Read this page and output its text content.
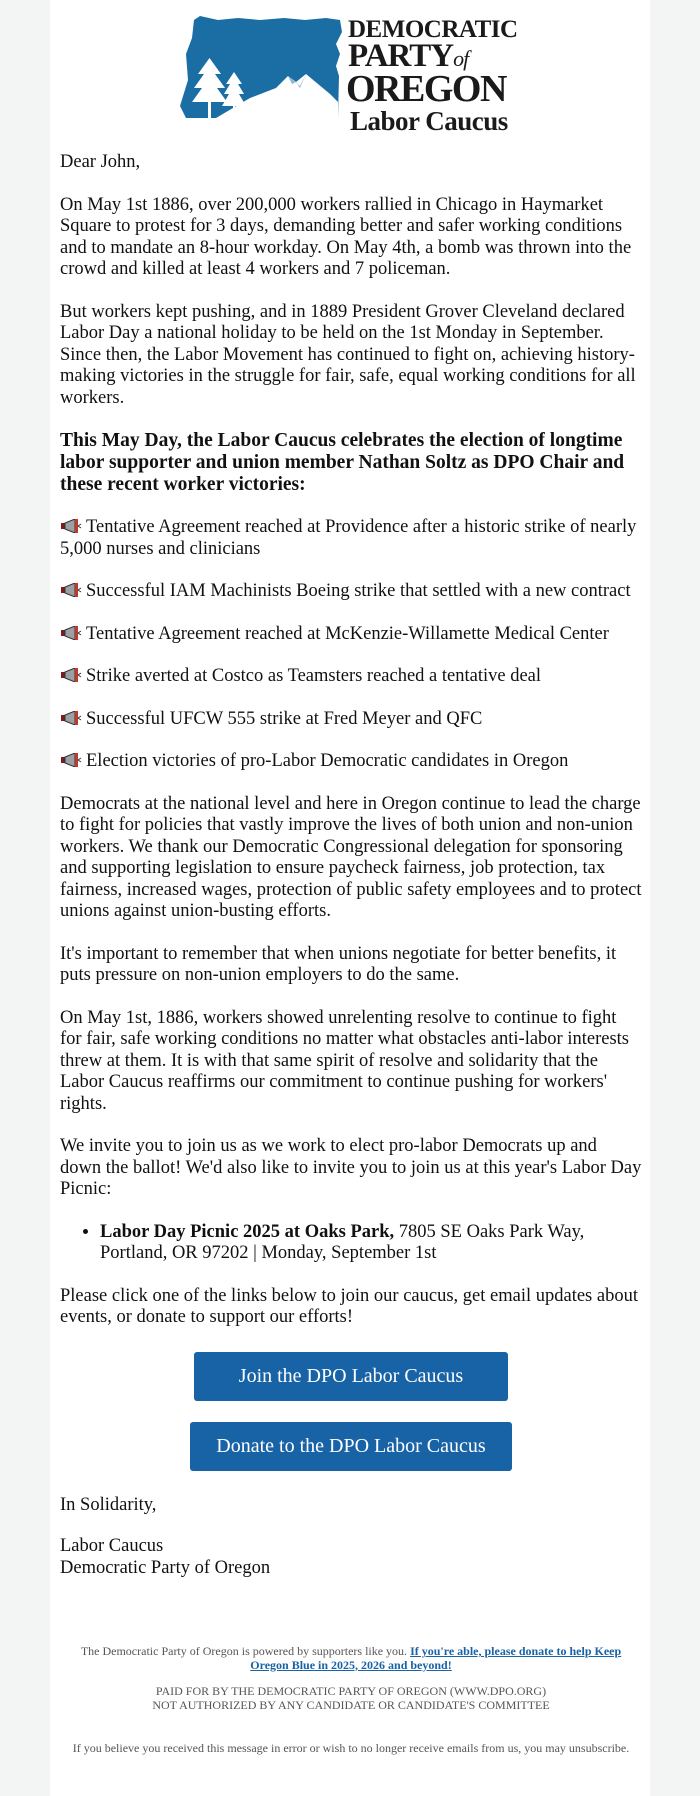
DEMOCRATIC
PARTYof
OREGON
Labor Caucus

Dear John,

On May 1st 1886, over 200,000 workers rallied in Chicago in Haymarket Square to protest for 3 days, demanding better and safer working conditions and to mandate an 8-hour workday. On May 4th, a bomb was thrown into the crowd and killed at least 4 workers and 7 policeman.

But workers kept pushing, and in 1889 President Grover Cleveland declared Labor Day a national holiday to be held on the 1st Monday in September. Since then, the Labor Movement has continued to fight on, achieving history-making victories in the struggle for fair, safe, equal working conditions for all workers.

This May Day, the Labor Caucus celebrates the election of longtime labor supporter and union member Nathan Soltz as DPO Chair and these recent worker victories:

Tentative Agreement reached at Providence after a historic strike of nearly 5,000 nurses and clinicians
Successful IAM Machinists Boeing strike that settled with a new contract
Tentative Agreement reached at McKenzie-Willamette Medical Center
Strike averted at Costco as Teamsters reached a tentative deal
Successful UFCW 555 strike at Fred Meyer and QFC
Election victories of pro-Labor Democratic candidates in Oregon

Democrats at the national level and here in Oregon continue to lead the charge to fight for policies that vastly improve the lives of both union and non-union workers. We thank our Democratic Congressional delegation for sponsoring and supporting legislation to ensure paycheck fairness, job protection, tax fairness, increased wages, protection of public safety employees and to protect unions against union-busting efforts.

It's important to remember that when unions negotiate for better benefits, it puts pressure on non-union employers to do the same.

On May 1st, 1886, workers showed unrelenting resolve to continue to fight for fair, safe working conditions no matter what obstacles anti-labor interests threw at them. It is with that same spirit of resolve and solidarity that the Labor Caucus reaffirms our commitment to continue pushing for workers' rights.

We invite you to join us as we work to elect pro-labor Democrats up and down the ballot! We'd also like to invite you to join us at this year's Labor Day Picnic:

• Labor Day Picnic 2025 at Oaks Park, 7805 SE Oaks Park Way, Portland, OR 97202 | Monday, September 1st

Please click one of the links below to join our caucus, get email updates about events, or donate to support our efforts!

Join the DPO Labor Caucus
Donate to the DPO Labor Caucus

In Solidarity,

Labor Caucus
Democratic Party of Oregon

The Democratic Party of Oregon is powered by supporters like you. If you're able, please donate to help Keep Oregon Blue in 2025, 2026 and beyond!

PAID FOR BY THE DEMOCRATIC PARTY OF OREGON (WWW.DPO.ORG)
NOT AUTHORIZED BY ANY CANDIDATE OR CANDIDATE'S COMMITTEE

If you believe you received this message in error or wish to no longer receive emails from us, you may unsubscribe.
